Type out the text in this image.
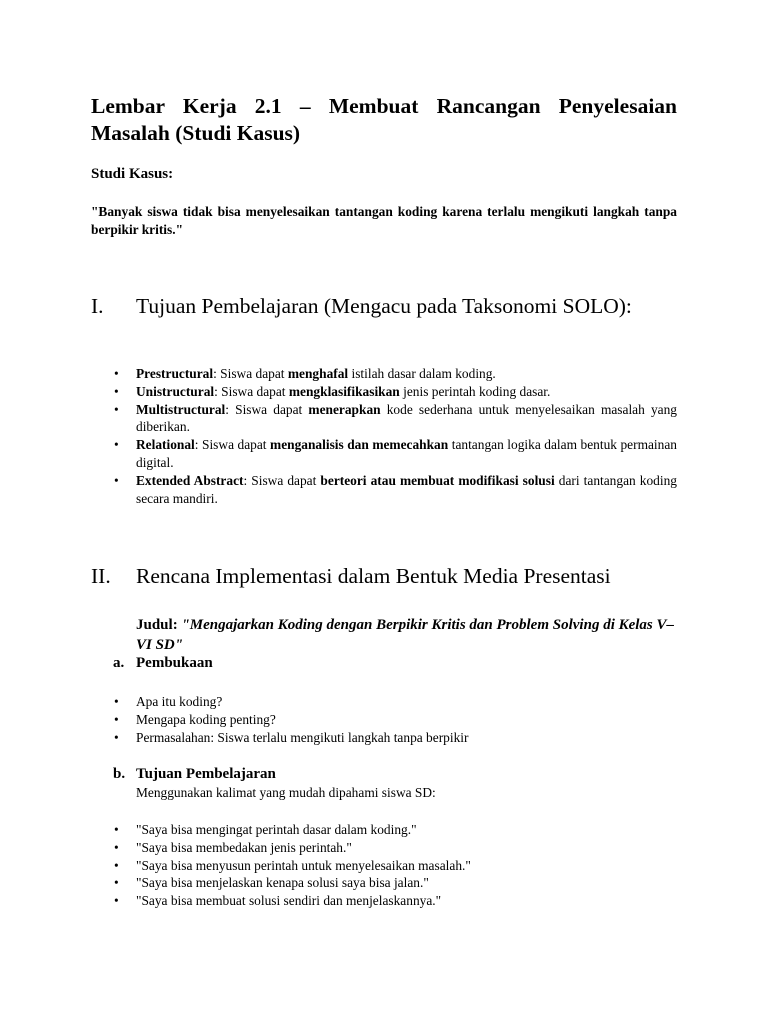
Lembar Kerja 2.1 – Membuat Rancangan Penyelesaian Masalah (Studi Kasus)

Studi Kasus:

"Banyak siswa tidak bisa menyelesaikan tantangan koding karena terlalu mengikuti langkah tanpa berpikir kritis."

I. Tujuan Pembelajaran (Mengacu pada Taksonomi SOLO):
• Prestructural: Siswa dapat menghafal istilah dasar dalam koding.
• Unistructural: Siswa dapat mengklasifikasikan jenis perintah koding dasar.
• Multistructural: Siswa dapat menerapkan kode sederhana untuk menyelesaikan masalah yang diberikan.
• Relational: Siswa dapat menganalisis dan memecahkan tantangan logika dalam bentuk permainan digital.
• Extended Abstract: Siswa dapat berteori atau membuat modifikasi solusi dari tantangan koding secara mandiri.
II. Rencana Implementasi dalam Bentuk Media Presentasi

Judul: "Mengajarkan Koding dengan Berpikir Kritis dan Problem Solving di Kelas V–VI SD"

a. Pembukaan

• Apa itu koding?
• Mengapa koding penting?
• Permasalahan: Siswa terlalu mengikuti langkah tanpa berpikir

b. Tujuan Pembelajaran

Menggunakan kalimat yang mudah dipahami siswa SD:

• "Saya bisa mengingat perintah dasar dalam koding."
• "Saya bisa membedakan jenis perintah."
• "Saya bisa menyusun perintah untuk menyelesaikan masalah."
• "Saya bisa menjelaskan kenapa solusi saya bisa jalan."
• "Saya bisa membuat solusi sendiri dan menjelaskannya."
